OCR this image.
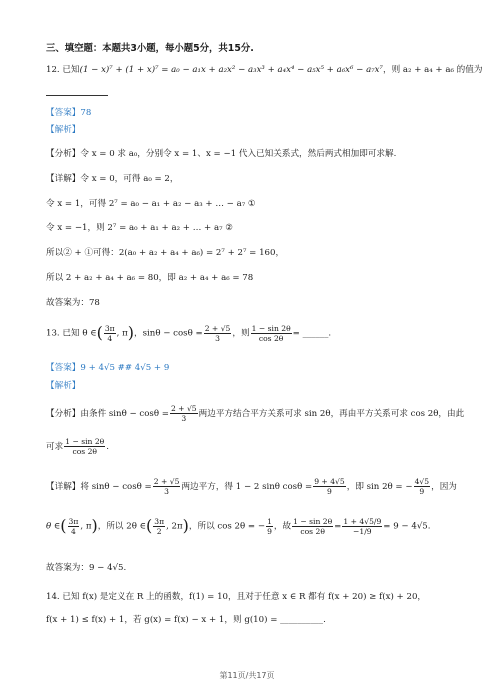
三、填空题：本题共3小题，每小题5分，共15分.
12. 已知(1 − x)⁷ + (1 + x)⁷ = a₀ − a₁x + a₂x² − a₃x³ + a₄x⁴ − a₅x⁵ + a₆x⁶ − a₇x⁷，则 a₂ + a₄ + a₆ 的值为
【答案】78
【解析】
【分析】令 x = 0 求 a₀，分别令 x = 1、x = −1 代入已知关系式，然后两式相加即可求解.
【详解】令 x = 0，可得 a₀ = 2，
令 x = 1，可得 2⁷ = a₀ − a₁ + a₂ − a₃ + … − a₇ ①
令 x = −1，则 2⁷ = a₀ + a₁ + a₂ + … + a₇ ②
所以② + ①可得：2(a₀ + a₂ + a₄ + a₆) = 2⁷ + 2⁷ = 160，
所以 2 + a₂ + a₄ + a₆ = 80，即 a₂ + a₄ + a₆ = 78
故答案为：78
13. 已知 θ ∈( $\frac{3\pi}{4}$ , π)，$\sin\theta - \cos\theta = \frac{2 + √5}{3}$ ，则 $\frac{1 - \sin 2\theta}{\cos 2\theta}$ = ______.
【答案】9 + 4√5 ## 4√5 + 9
【解析】
【分析】由条件 $\sin\theta - \cos\theta = \frac{2 + √5}{3}$ 两边平方结合平方关系可求 sin 2θ，再由平方关系可求 cos 2θ，由此
可求 $\frac{1 - \sin 2\theta}{\cos 2\theta}$ .
【详解】将 $\sin\theta - \cos\theta = \frac{2 + √5}{3}$ 两边平方，得 1 − 2 sinθ $\cos\theta = \frac{9 + 4√5}{9}$ ，即 sin 2θ = − $\frac{4√5}{9}$ ，因为
θ ∈( $\frac{3\pi}{4}$ , π)，所以 2θ ∈( $\frac{3\pi}{2}$ , 2π)，所以 cos 2θ = − $\frac{1}{9}$ ，故 $\frac{1 - \sin 2\theta}{\cos 2\theta} = \frac{1 + 4√5/9}{-1/9} = 9 - 4√5$.
故答案为：9 − 4√5.
14. 已知 f(x) 是定义在 R 上的函数，f(1) = 10，且对于任意 x ∈ R 都有 f(x + 20) ≥ f(x) + 20，
f(x + 1) ≤ f(x) + 1，若 g(x) = f(x) − x + 1，则 g(10) = __________.
第11页/共17页
